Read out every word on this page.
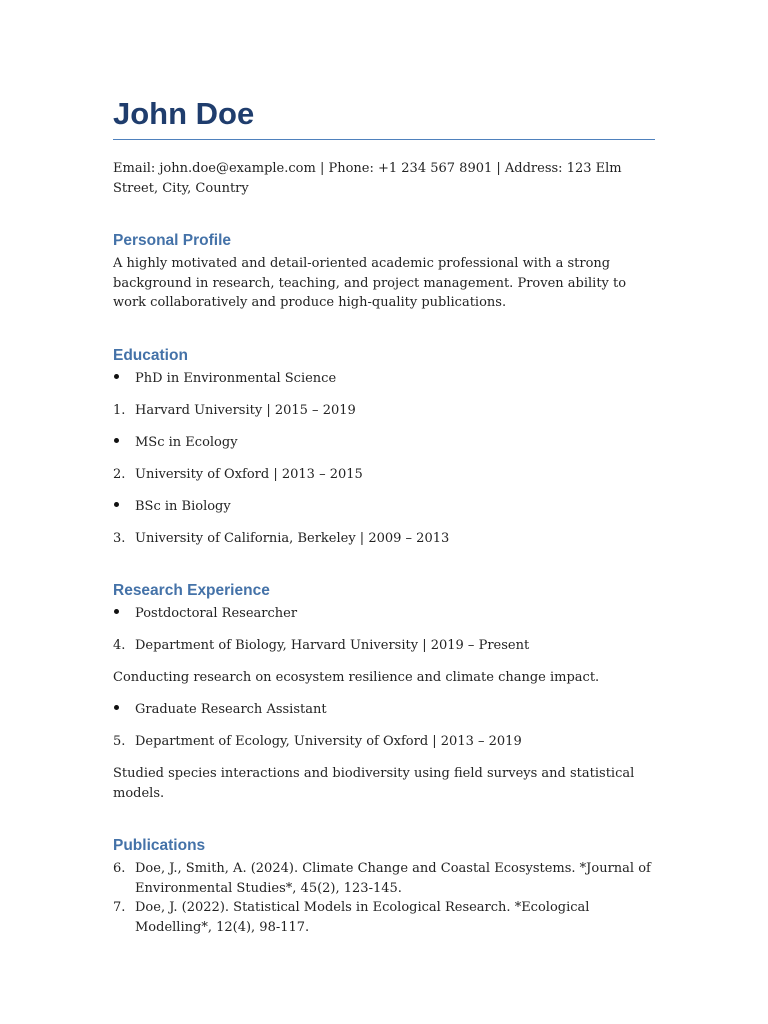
John Doe
Email: john.doe@example.com | Phone: +1 234 567 8901 | Address: 123 Elm Street, City, Country
Personal Profile

A highly motivated and detail-oriented academic professional with a strong background in research, teaching, and project management. Proven ability to work collaboratively and produce high-quality publications.

Education
PhD in Environmental Science
1. Harvard University | 2015 – 2019
MSc in Ecology
2. University of Oxford | 2013 – 2015
BSc in Biology
3. University of California, Berkeley | 2009 – 2013
Research Experience
Postdoctoral Researcher
4. Department of Biology, Harvard University | 2019 – Present

Conducting research on ecosystem resilience and climate change impact.

Graduate Research Assistant
5. Department of Ecology, University of Oxford | 2013 – 2019

Studied species interactions and biodiversity using field surveys and statistical models.

Publications
6. Doe, J., Smith, A. (2024). Climate Change and Coastal Ecosystems. *Journal of Environmental Studies*, 45(2), 123-145.
7. Doe, J. (2022). Statistical Models in Ecological Research. *Ecological Modelling*, 12(4), 98-117.
